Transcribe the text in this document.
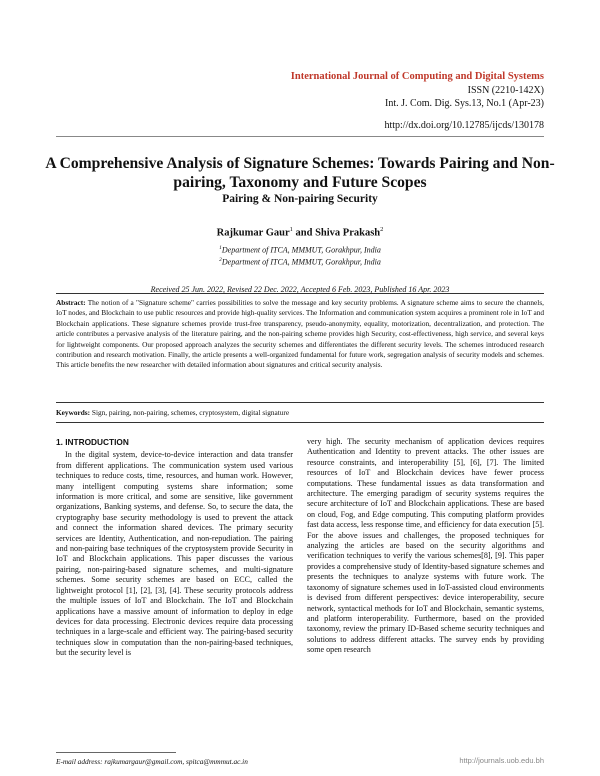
International Journal of Computing and Digital Systems
ISSN (2210-142X)
Int. J. Com. Dig. Sys.13, No.1 (Apr-23)
http://dx.doi.org/10.12785/ijcds/130178
A Comprehensive Analysis of Signature Schemes: Towards Pairing and Non-pairing, Taxonomy and Future Scopes
Pairing & Non-pairing Security
Rajkumar Gaur$^1$ and Shiva Prakash$^2$
$^1$Department of ITCA, MMMUT, Gorakhpur, India
$^2$Department of ITCA, MMMUT, Gorakhpur, India
Received 25 Jun. 2022, Revised 22 Dec. 2022, Accepted 6 Feb. 2023, Published 16 Apr. 2023
Abstract: The notion of a "Signature scheme" carries possibilities to solve the message and key security problems. A signature scheme aims to secure the channels, IoT nodes, and Blockchain to use public resources and provide high-quality services. The Information and communication system acquires a prominent role in IoT and Blockchain applications. These signature schemes provide trust-free transparency, pseudo-anonymity, equality, motorization, decentralization, and protection. The article contributes a pervasive analysis of the literature pairing, and the non-pairing scheme provides high Security, cost-effectiveness, high service, and several keys for lightweight components. Our proposed approach analyzes the security schemes and differentiates the different security levels. The schemes introduced research contribution and research motivation. Finally, the article presents a well-organized fundamental for future work, segregation analysis of security models and schemes. This article benefits the new researcher with detailed information about signatures and critical security analysis.
Keywords: Sign, pairing, non-pairing, schemes, cryptosystem, digital signature
1. INTRODUCTION
In the digital system, device-to-device interaction and data transfer from different applications. The communication system used various techniques to reduce costs, time, resources, and human work. However, many intelligent computing systems share information; some information is more critical, and some are sensitive, like government organizations, Banking systems, and defense. So, to secure the data, the cryptography base security methodology is used to prevent the attack and connect the information shared devices. The primary security services are Identity, Authentication, and non-repudiation. The pairing and non-pairing base techniques of the cryptosystem provide Security in IoT and Blockchain applications. This paper discusses the various pairing, non-pairing-based signature schemes, and multi-signature schemes. Some security schemes are based on ECC, called the lightweight protocol [1], [2], [3], [4]. These security protocols address the multiple issues of IoT and Blockchain. The IoT and Blockchain applications have a massive amount of information to deploy in edge devices for data processing. Electronic devices require data processing techniques in a large-scale and efficient way. The pairing-based security techniques slow in computation than the non-pairing-based techniques, but the security level is
very high. The security mechanism of application devices requires Authentication and Identity to prevent attacks. The other issues are resource constraints, and interoperability [5], [6], [7]. The limited resources of IoT and Blockchain devices have fewer process computations. These fundamental issues as data transformation and architecture. The emerging paradigm of security systems requires the secure architecture of IoT and Blockchain applications. These are based on cloud, Fog, and Edge computing. This computing platform provides fast data access, less response time, and efficiency for data execution [5]. For the above issues and challenges, the proposed techniques for analyzing the articles are based on the security algorithms and verification techniques to verify the various schemes[8], [9]. This paper provides a comprehensive study of Identity-based signature schemes and presents the techniques to analyze systems with future work. The taxonomy of signature schemes used in IoT-assisted cloud environments is devised from different perspectives: device interoperability, secure network, syntactical methods for IoT and Blockchain, semantic systems, and platform interoperability. Furthermore, based on the provided taxonomy, review the primary ID-Based scheme security techniques and solutions to address different attacks. The survey ends by providing some open research
E-mail address: rajkumargaur@gmail.com, spitca@mmmut.ac.in	http://journals.uob.edu.bh
